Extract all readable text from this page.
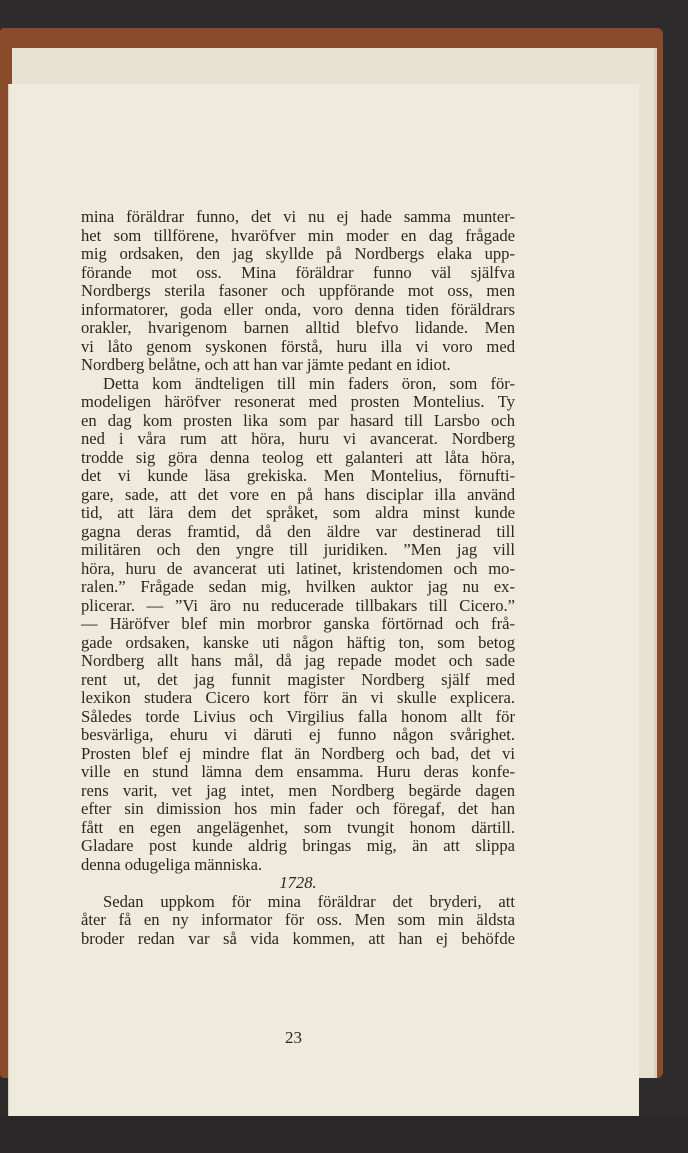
mina föräldrar funno, det vi nu ej hade samma munter-
het som tillförene, hvaröfver min moder en dag frågade
mig ordsaken, den jag skyllde på Nordbergs elaka upp-
förande mot oss. Mina föräldrar funno väl själfva
Nordbergs sterila fasoner och uppförande mot oss, men
informatorer, goda eller onda, voro denna tiden föräldrars
orakler, hvarigenom barnen alltid blefvo lidande. Men
vi låto genom syskonen förstå, huru illa vi voro med
Nordberg belåtne, och att han var jämte pedant en idiot.
Detta kom ändteligen till min faders öron, som för-
modeligen häröfver resonerat med prosten Montelius. Ty
en dag kom prosten lika som par hasard till Larsbo och
ned i våra rum att höra, huru vi avancerat. Nordberg
trodde sig göra denna teolog ett galanteri att låta höra,
det vi kunde läsa grekiska. Men Montelius, förnufti-
gare, sade, att det vore en på hans disciplar illa använd
tid, att lära dem det språket, som aldra minst kunde
gagna deras framtid, då den äldre var destinerad till
militären och den yngre till juridiken. ”Men jag vill
höra, huru de avancerat uti latinet, kristendomen och mo-
ralen.” Frågade sedan mig, hvilken auktor jag nu ex-
plicerar. — ”Vi äro nu reducerade tillbakars till Cicero.”
— Häröfver blef min morbror ganska förtörnad och frå-
gade ordsaken, kanske uti någon häftig ton, som betog
Nordberg allt hans mål, då jag repade modet och sade
rent ut, det jag funnit magister Nordberg själf med
lexikon studera Cicero kort förr än vi skulle explicera.
Således torde Livius och Virgilius falla honom allt för
besvärliga, ehuru vi däruti ej funno någon svårighet.
Prosten blef ej mindre flat än Nordberg och bad, det vi
ville en stund lämna dem ensamma. Huru deras konfe-
rens varit, vet jag intet, men Nordberg begärde dagen
efter sin dimission hos min fader och föregaf, det han
fått en egen angelägenhet, som tvungit honom därtill.
Gladare post kunde aldrig bringas mig, än att slippa
denna odugeliga människa.
1728.
Sedan uppkom för mina föräldrar det bryderi, att
åter få en ny informator för oss. Men som min äldsta
broder redan var så vida kommen, att han ej behöfde
23
